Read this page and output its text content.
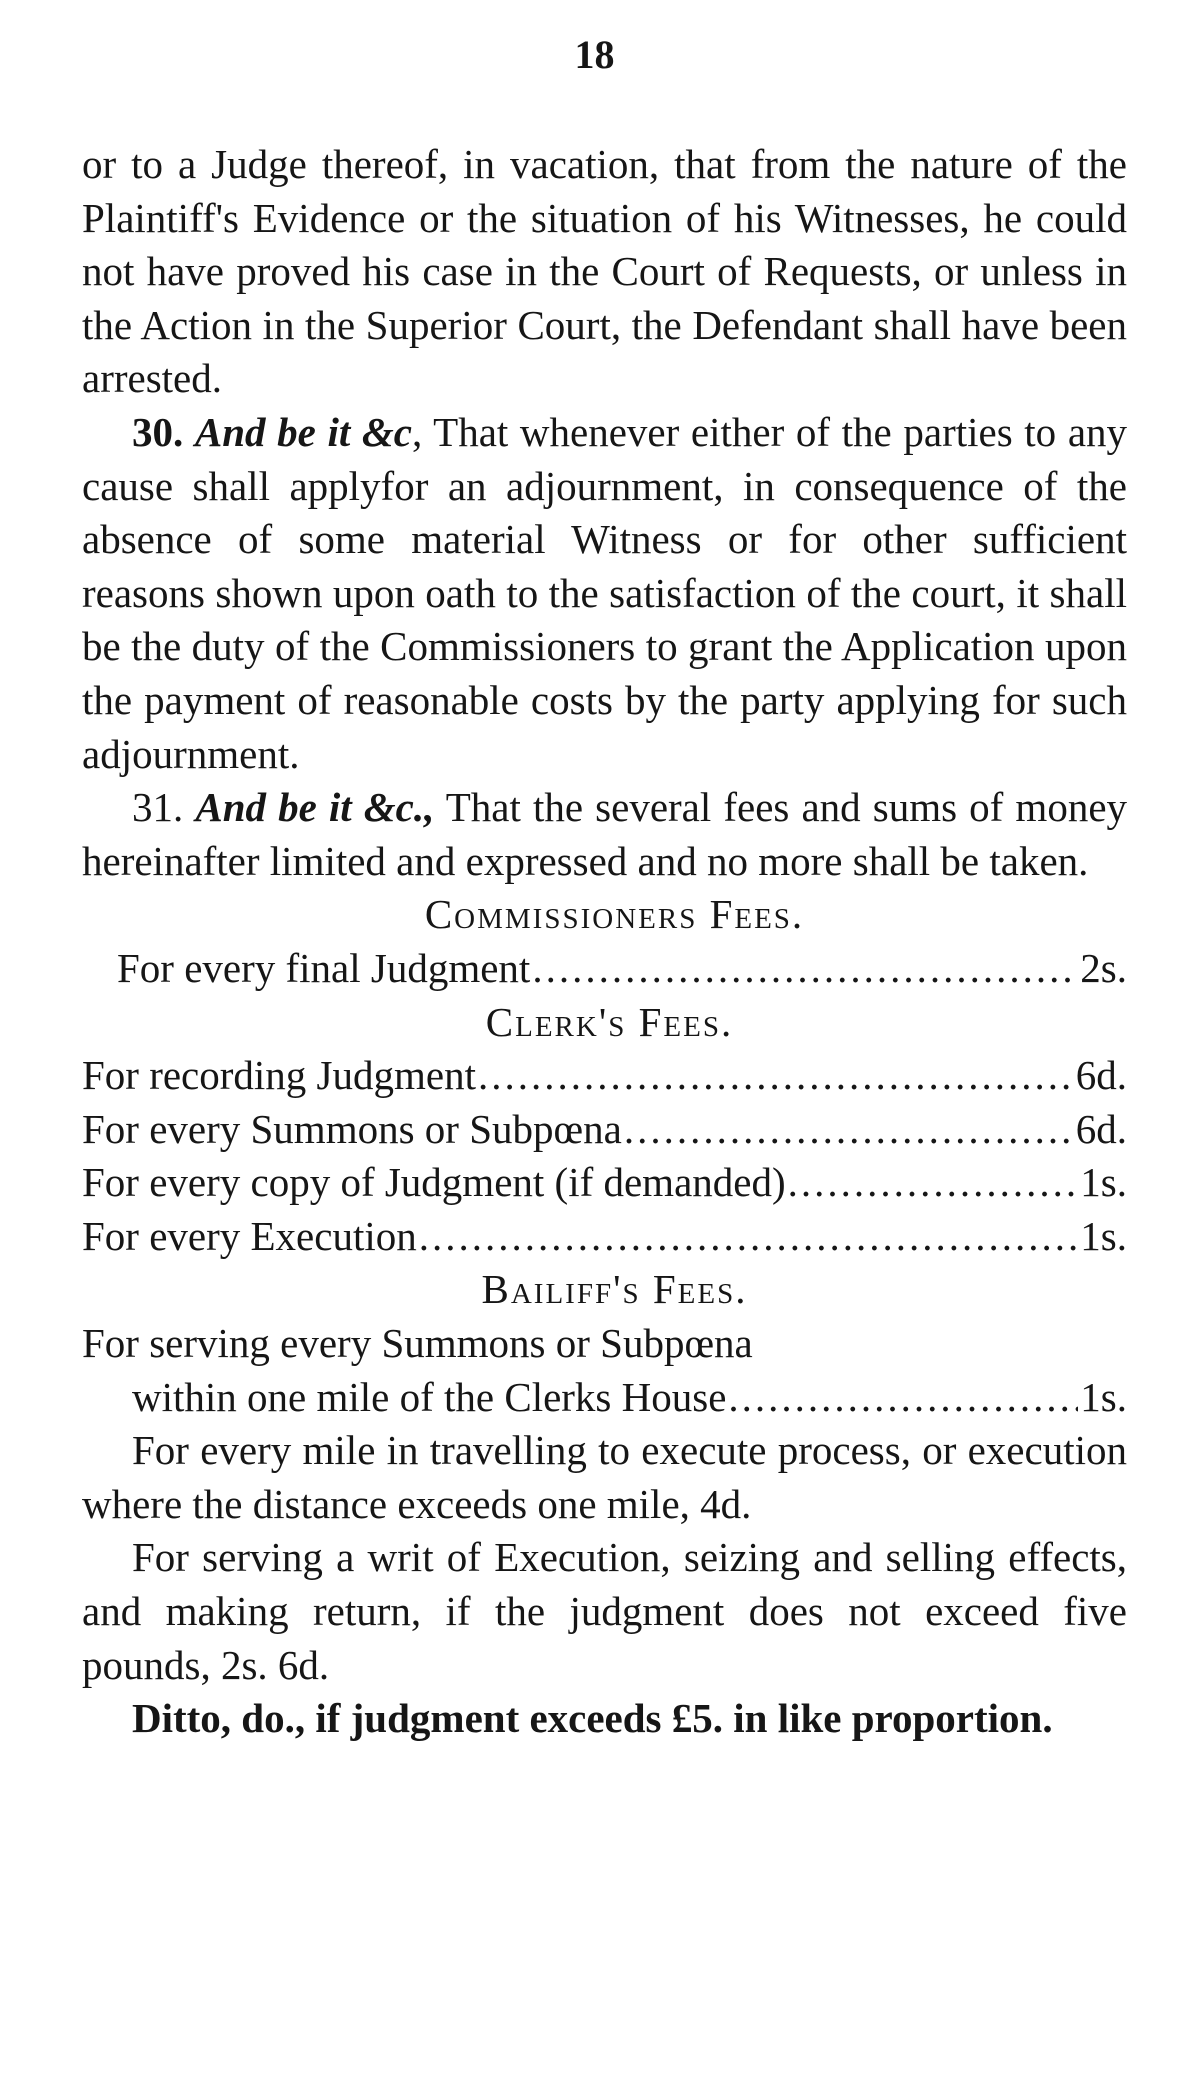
18

or to a Judge thereof, in vacation, that from the nature of the Plaintiff's Evidence or the situation of his Witnesses, he could not have proved his case in the Court of Requests, or unless in the Action in the Superior Court, the Defendant shall have been arrested.

30. And be it &c, That whenever either of the parties to any cause shall applyfor an adjournment, in consequence of the absence of some material Witness or for other sufficient reasons shown upon oath to the satisfaction of the court, it shall be the duty of the Commissioners to grant the Application upon the payment of reasonable costs by the party applying for such adjournment.

31. And be it &c., That the several fees and sums of money hereinafter limited and expressed and no more shall be taken.

Commissioners Fees.

For every final Judgment .....	2s.

Clerk's Fees.

For recording Judgment .....	6d.
For every Summons or Subpœna .....	6d.
For every copy of Judgment (if demanded) .....	1s.
For every Execution .....	1s.

Bailiff's Fees.

For serving every Summons or Subpœna

within one mile of the Clerks House .....	1s.

For every mile in travelling to execute process, or execution where the distance exceeds one mile, 4d.

For serving a writ of Execution, seizing and selling effects, and making return, if the judgment does not exceed five pounds, 2s. 6d.

Ditto, do., if judgment exceeds £5. in like proportion.
